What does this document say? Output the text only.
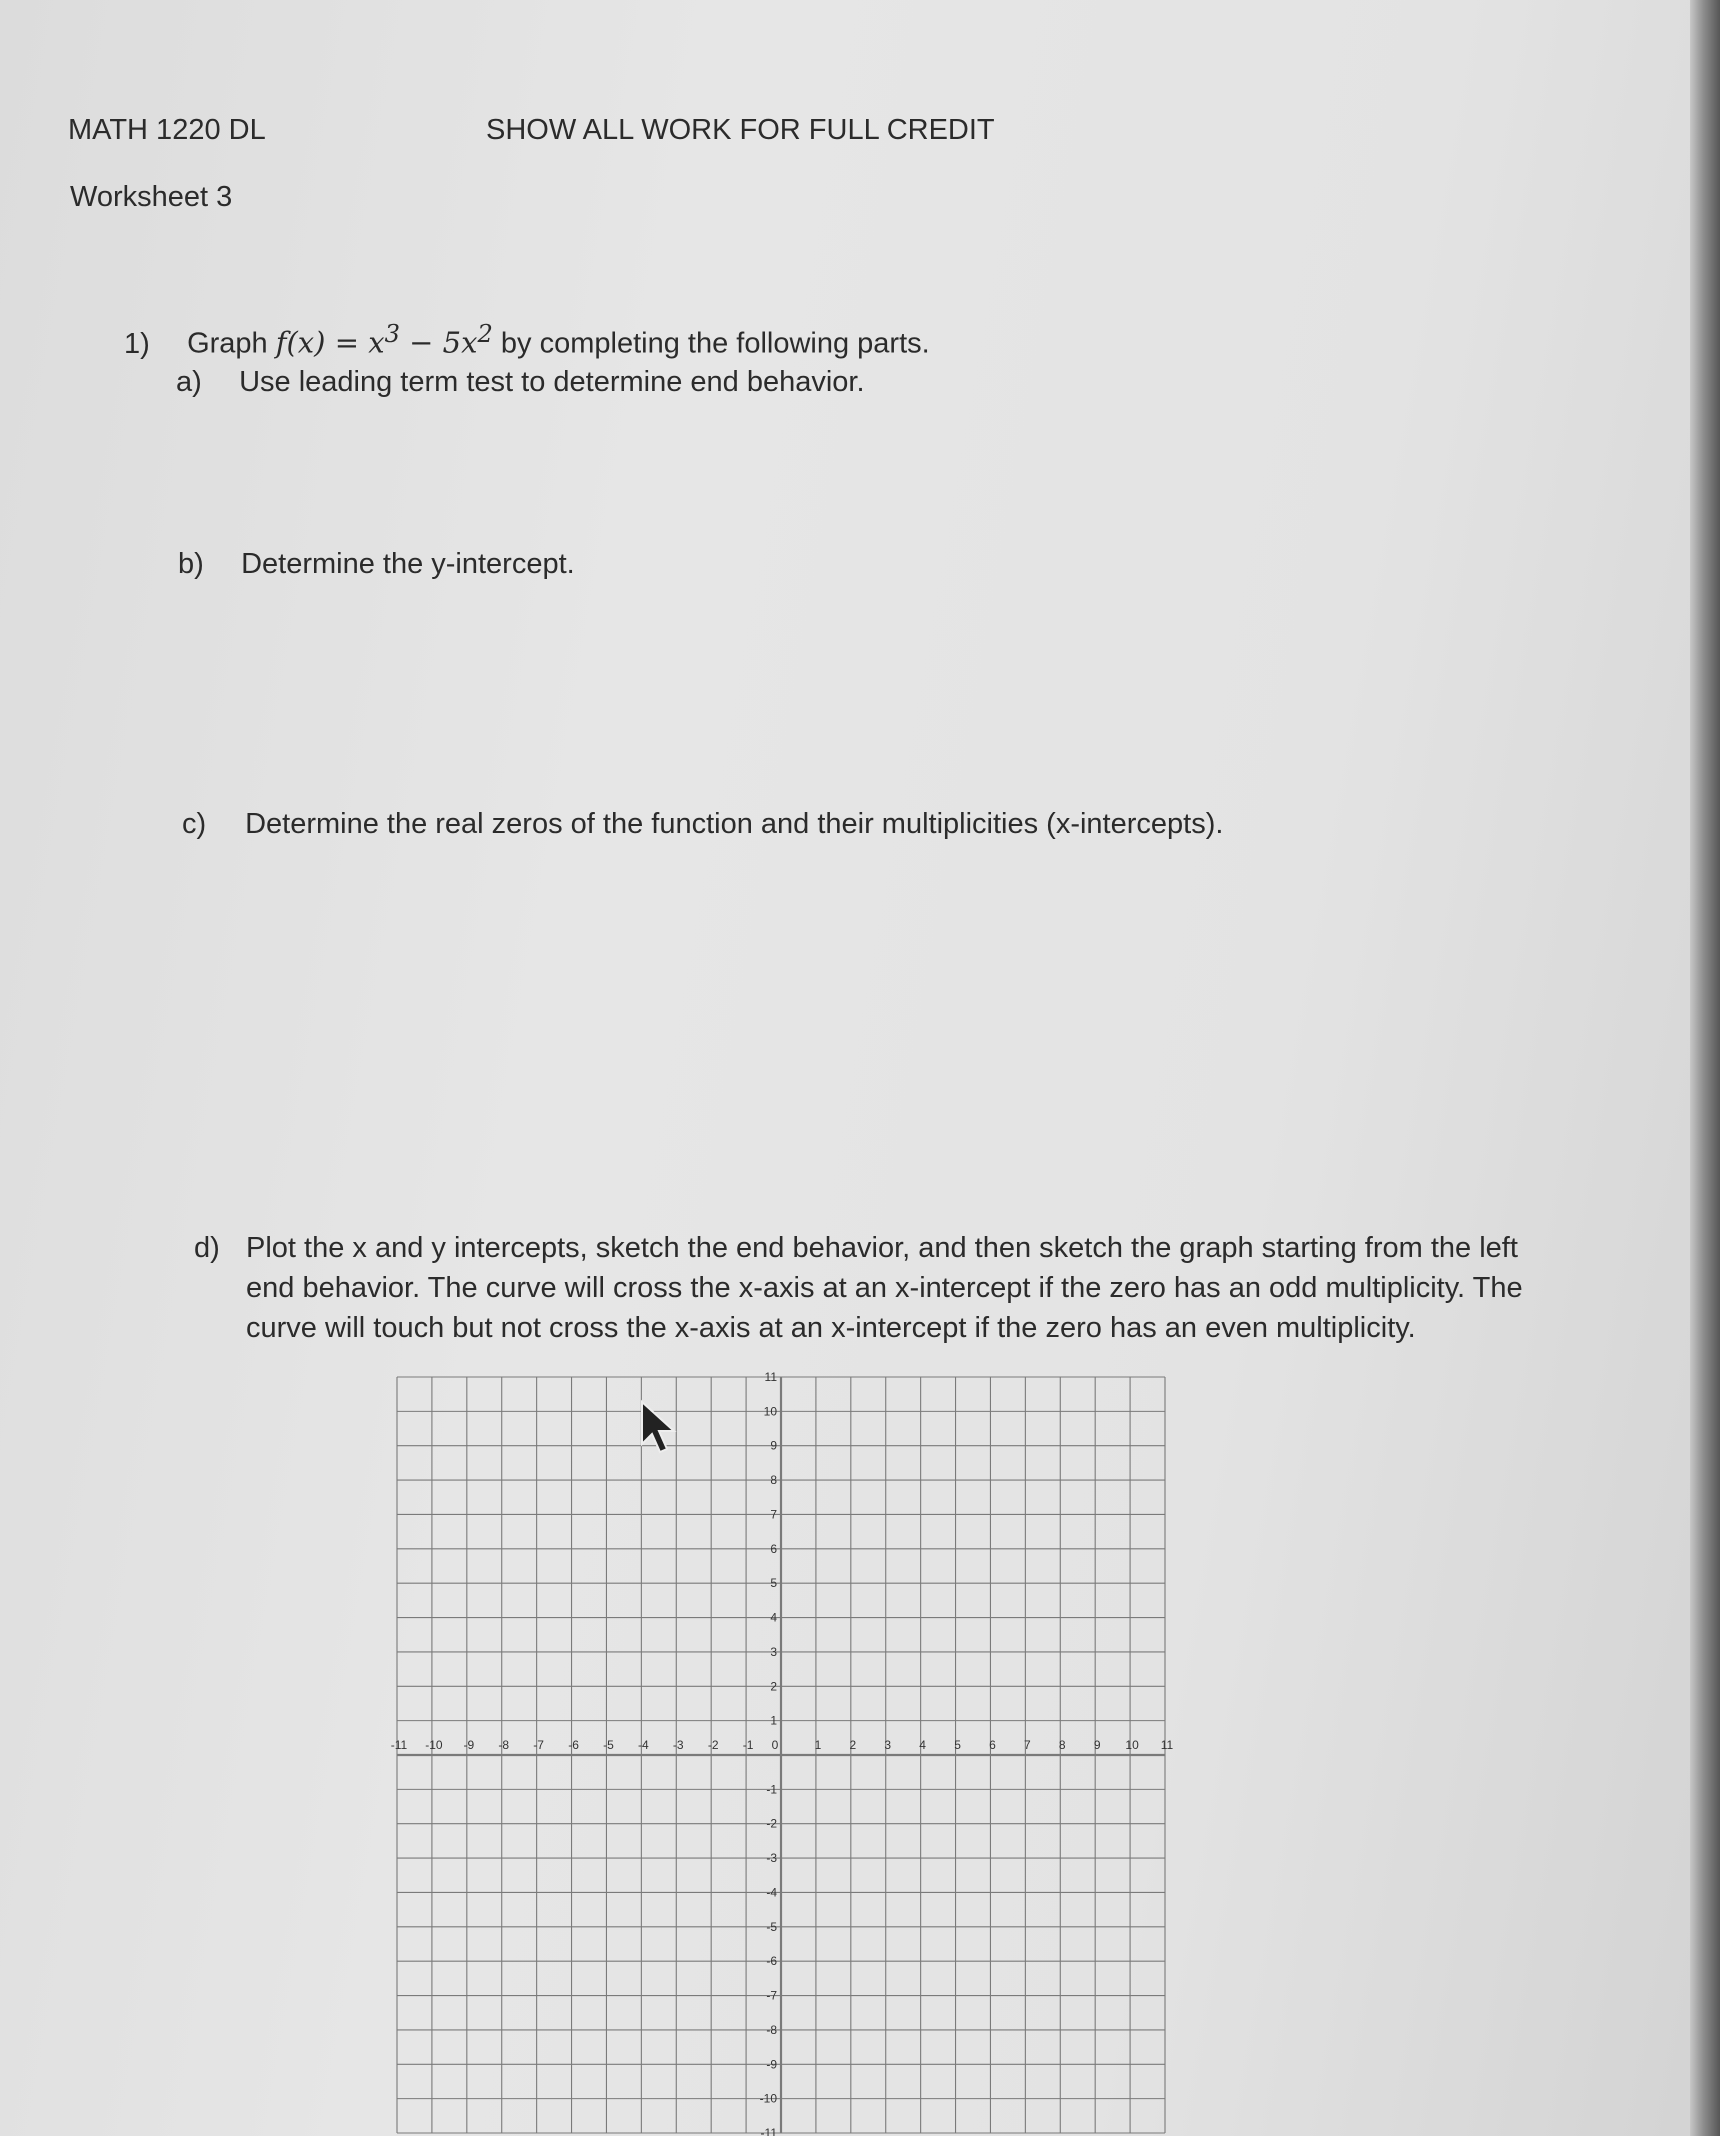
MATH 1220 DL	SHOW ALL WORK FOR FULL CREDIT
Worksheet 3
1) Graph $f(x) = x^3 - 5x^2$ by completing the following parts.
a) Use leading term test to determine end behavior.
b) Determine the y-intercept.
c) Determine the real zeros of the function and their multiplicities (x-intercepts).
d) Plot the x and y intercepts, sketch the end behavior, and then sketch the graph starting from the left end behavior. The curve will cross the x-axis at an x-intercept if the zero has an odd multiplicity. The curve will touch but not cross the x-axis at an x-intercept if the zero has an even multiplicity.
-11 -10 -9 -8 -7 -6 -5 -4 -3 -2 -1 0	1 2 3 4 5 6 7 8 9 10 11
11
10
9
8
7
6
5
4
3
2
1
-1
-2
-3
-4
-5
-6
-7
-8
-9
-10
-11
